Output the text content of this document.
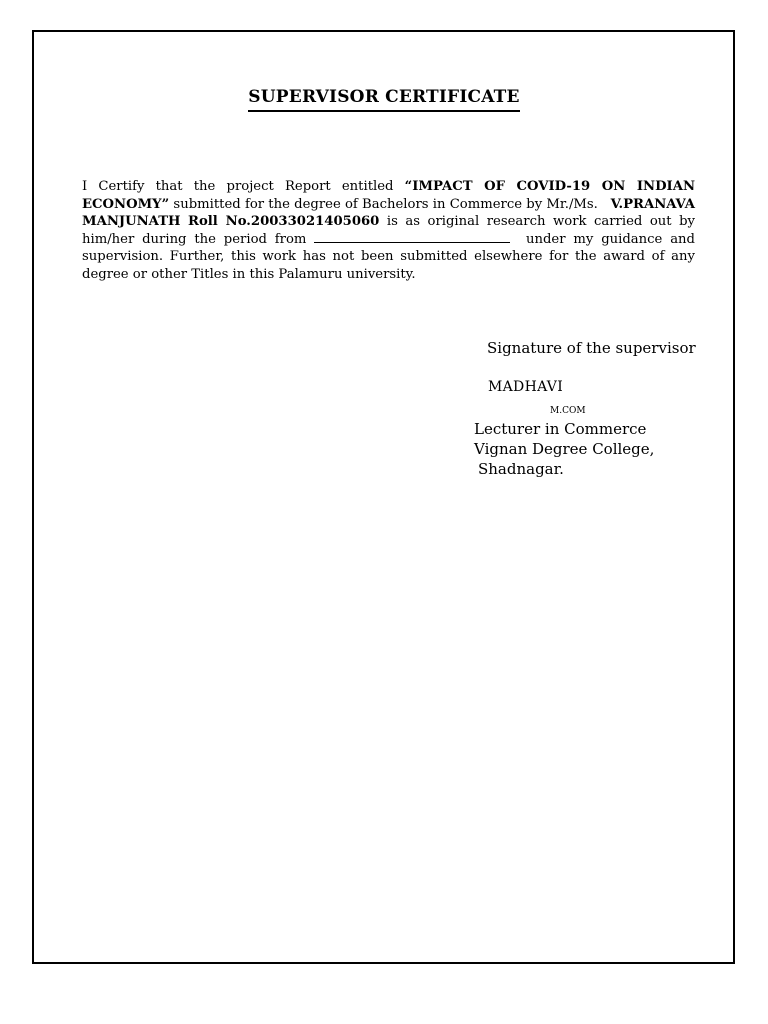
SUPERVISOR CERTIFICATE
I Certify that the project Report entitled “IMPACT OF COVID-19 ON INDIAN ECONOMY” submitted for the degree of Bachelors in Commerce by Mr./Ms.   V.PRANAVA MANJUNATH Roll No.20033021405060 is as original research work carried out by him/her during the period from	under my guidance and supervision. Further, this work has not been submitted elsewhere for the award of any degree or other Titles in this Palamuru university.
Signature of the supervisor
MADHAVI
M.COM
Lecturer in Commerce
Vignan Degree College,
Shadnagar.
